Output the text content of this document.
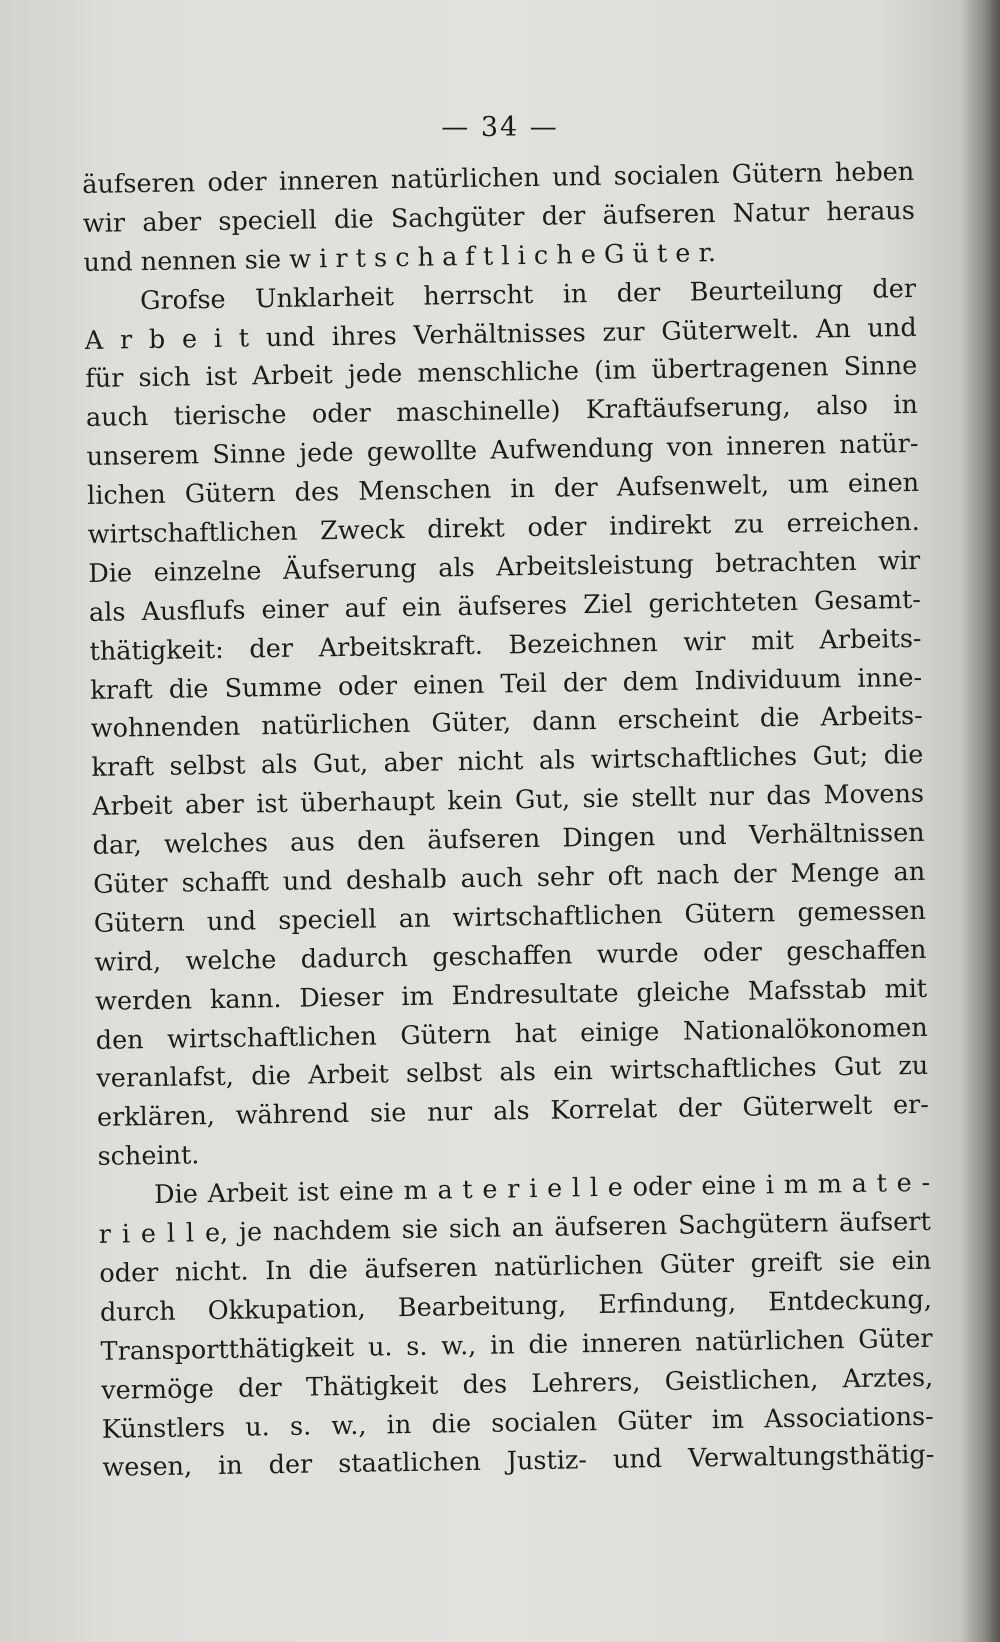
— 34 —
äufseren oder inneren natürlichen und socialen Gütern heben
wir aber speciell die Sachgüter der äufseren Natur heraus
und nennen sie w i r t s c h a f t l i c h e G ü t e r.
Grofse Unklarheit herrscht in der Beurteilung der
A r b e i t und ihres Verhältnisses zur Güterwelt. An und
für sich ist Arbeit jede menschliche (im übertragenen Sinne
auch tierische oder maschinelle) Kraftäufserung, also in
unserem Sinne jede gewollte Aufwendung von inneren natür-
lichen Gütern des Menschen in der Aufsenwelt, um einen
wirtschaftlichen Zweck direkt oder indirekt zu erreichen.
Die einzelne Äufserung als Arbeitsleistung betrachten wir
als Ausflufs einer auf ein äufseres Ziel gerichteten Gesamt-
thätigkeit: der Arbeitskraft. Bezeichnen wir mit Arbeits-
kraft die Summe oder einen Teil der dem Individuum inne-
wohnenden natürlichen Güter, dann erscheint die Arbeits-
kraft selbst als Gut, aber nicht als wirtschaftliches Gut; die
Arbeit aber ist überhaupt kein Gut, sie stellt nur das Movens
dar, welches aus den äufseren Dingen und Verhältnissen
Güter schafft und deshalb auch sehr oft nach der Menge an
Gütern und speciell an wirtschaftlichen Gütern gemessen
wird, welche dadurch geschaffen wurde oder geschaffen
werden kann. Dieser im Endresultate gleiche Mafsstab mit
den wirtschaftlichen Gütern hat einige Nationalökonomen
veranlafst, die Arbeit selbst als ein wirtschaftliches Gut zu
erklären, während sie nur als Korrelat der Güterwelt er-
scheint.
Die Arbeit ist eine m a t e r i e l l e oder eine i m m a t e -
r i e l l e, je nachdem sie sich an äufseren Sachgütern äufsert
oder nicht. In die äufseren natürlichen Güter greift sie ein
durch Okkupation, Bearbeitung, Erfindung, Entdeckung,
Transportthätigkeit u. s. w., in die inneren natürlichen Güter
vermöge der Thätigkeit des Lehrers, Geistlichen, Arztes,
Künstlers u. s. w., in die socialen Güter im Associations-
wesen, in der staatlichen Justiz- und Verwaltungsthätig-
